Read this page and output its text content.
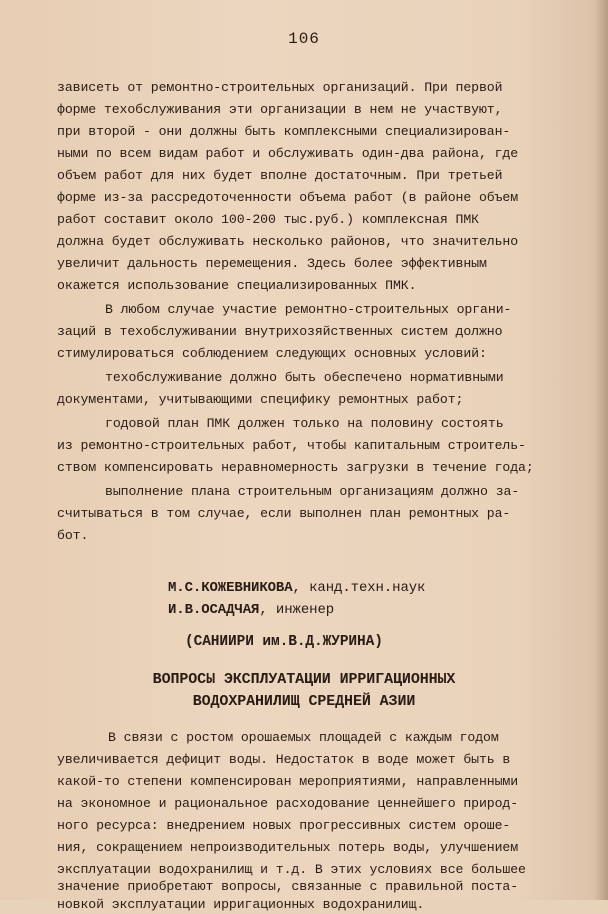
106
зависеть от ремонтно-строительных организаций. При первой
форме техобслуживания эти организации в нем не участвуют,
при второй - они должны быть комплексными специализирован-
ными по всем видам работ и обслуживать один-два района, где
объем работ для них будет вполне достаточным. При третьей
форме из-за рассредоточенности объема работ (в районе объем
работ составит около 100-200 тыс.руб.) комплексная ПМК
должна будет обслуживать несколько районов, что значительно
увеличит дальность перемещения. Здесь более эффективным
окажется использование специализированных ПМК.
В любом случае участие ремонтно-строительных органи-
заций в техобслуживании внутрихозяйственных систем должно
стимулироваться соблюдением следующих основных условий:
техобслуживание должно быть обеспечено нормативными
документами, учитывающими специфику ремонтных работ;
годовой план ПМК должен только на половину состоять
из ремонтно-строительных работ, чтобы капитальным строитель-
ством компенсировать неравномерность загрузки в течение года;
выполнение плана строительным организациям должно за-
считываться в том случае, если выполнен план ремонтных ра-
бот.
М.С.КОЖЕВНИКОВА, канд.техн.наук
И.В.ОСАДЧАЯ, инженер
(САНИИРИ им.В.Д.ЖУРИНА)
ВОПРОСЫ ЭКСПЛУАТАЦИИ ИРРИГАЦИОННЫХ
ВОДОХРАНИЛИЩ СРЕДНЕЙ АЗИИ
В связи с ростом орошаемых площадей с каждым годом
увеличивается дефицит воды. Недостаток в воде может быть в
какой-то степени компенсирован мероприятиями, направленными
на экономное и рациональное расходование ценнейшего природ-
ного ресурса: внедрением новых прогрессивных систем ороше-
ния, сокращением непроизводительных потерь воды, улучшением
эксплуатации водохранилищ и т.д. В этих условиях все большее
значение приобретают вопросы, связанные с правильной поста-
новкой эксплуатации ирригационных водохранилищ.
